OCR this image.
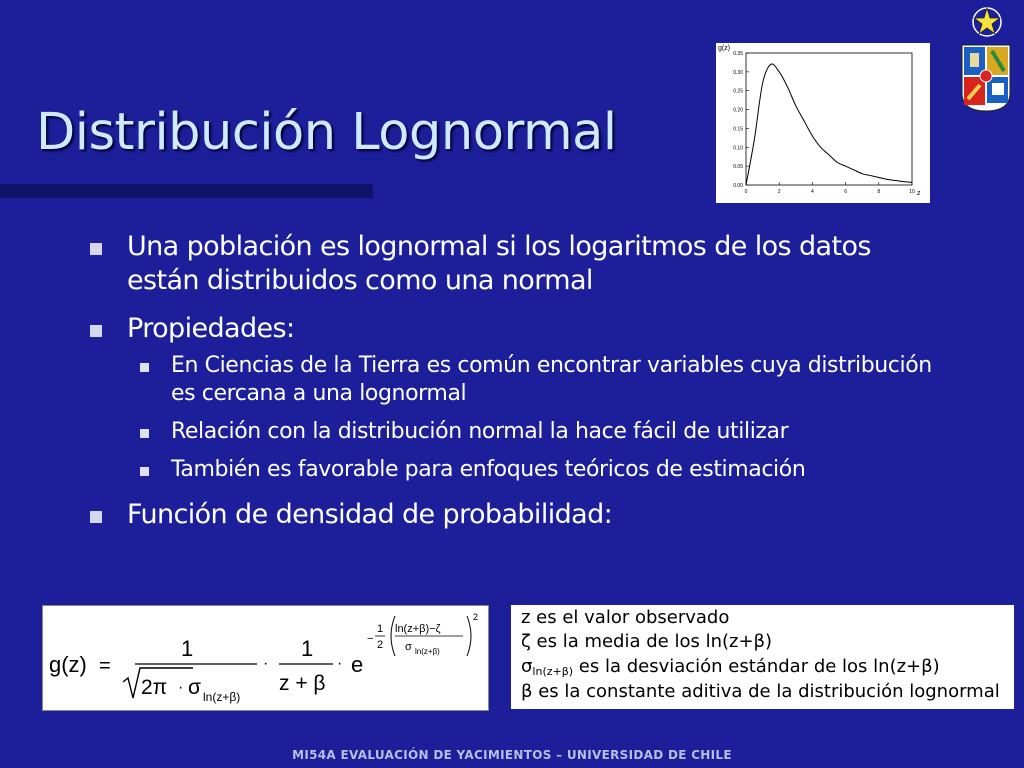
0.00
0.05
0.10
0.15
0.20
0.25
0.30
0.35
0	2	4	6	8	10
g(z)
z
Distribución Lognormal
Una población es lognormal si los logaritmos de los datos están distribuidos como una normal
Propiedades:
En Ciencias de la Tierra es común encontrar variables cuya distribución es cercana a una lognormal
Relación con la distribución normal la hace fácil de utilizar
También es favorable para enfoques teóricos de estimación
Función de densidad de probabilidad:
g(z) =
1
2π · σ ln(z+β)
·
1
z + β
· e
−
1
2
ln(z+β)−ζ
σ ln(z+β)
2 z es el valor observado
ζ es la media de los ln(z+β)
σln(z+β) es la desviación estándar de los ln(z+β)
β es la constante aditiva de la distribución lognormal
MI54A EVALUACIÓN DE YACIMIENTOS – UNIVERSIDAD DE CHILE
